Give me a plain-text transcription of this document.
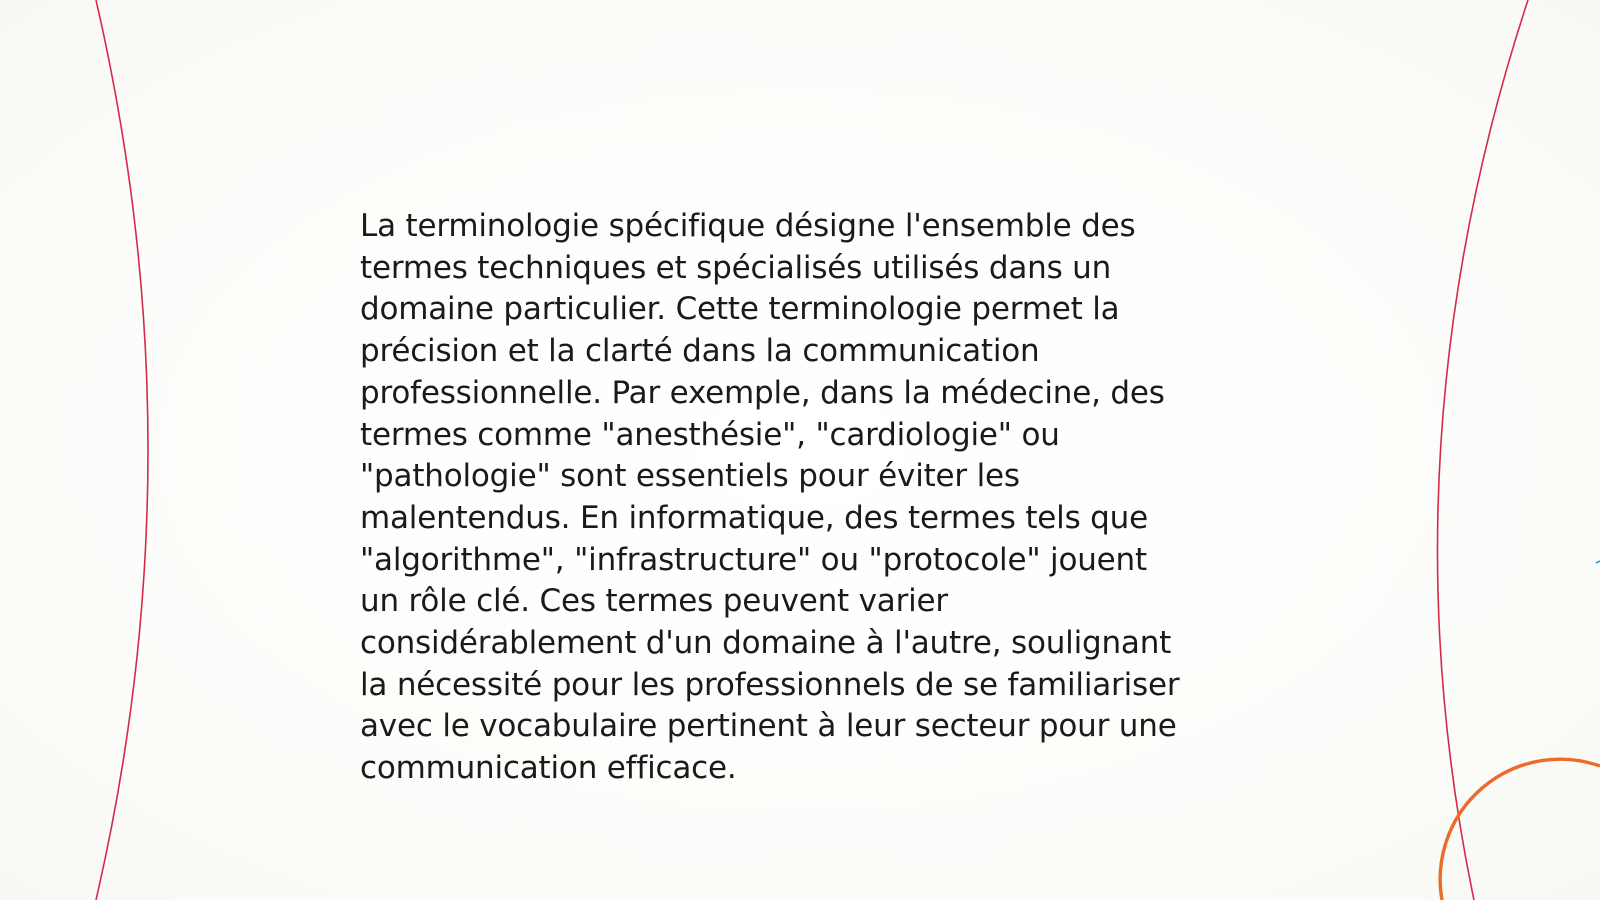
La terminologie spécifique désigne l'ensemble des
termes techniques et spécialisés utilisés dans un
domaine particulier. Cette terminologie permet la
précision et la clarté dans la communication
professionnelle. Par exemple, dans la médecine, des
termes comme "anesthésie", "cardiologie" ou
"pathologie" sont essentiels pour éviter les
malentendus. En informatique, des termes tels que
"algorithme", "infrastructure" ou "protocole" jouent
un rôle clé. Ces termes peuvent varier
considérablement d'un domaine à l'autre, soulignant
la nécessité pour les professionnels de se familiariser
avec le vocabulaire pertinent à leur secteur pour une
communication efficace.
